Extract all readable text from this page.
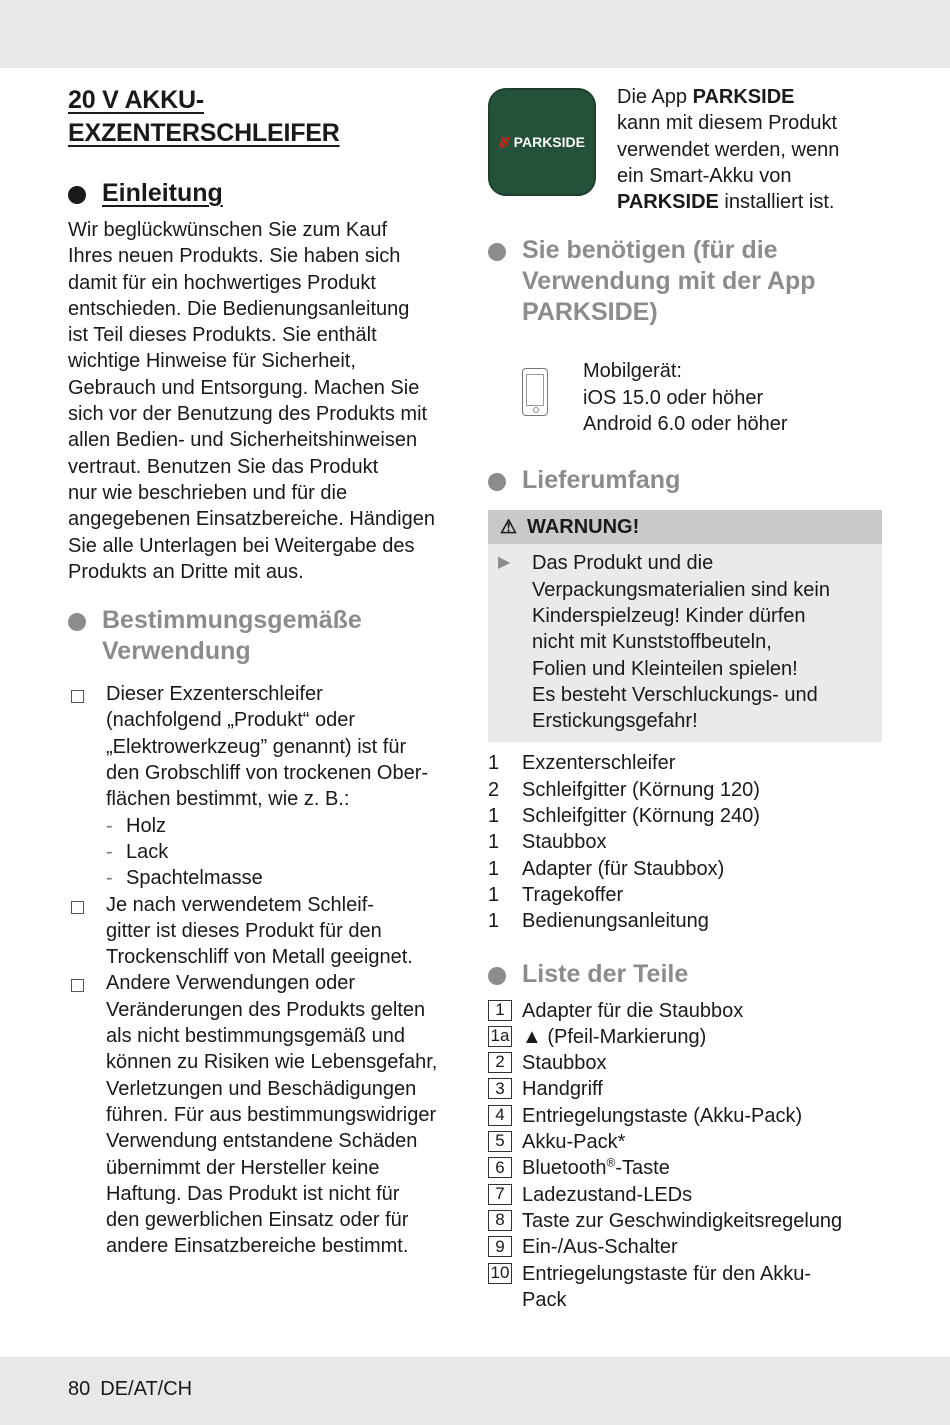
20 V AKKU-
EXZENTERSCHLEIFER
Einleitung

Wir beglückwünschen Sie zum Kauf
Ihres neuen Produkts. Sie haben sich
damit für ein hochwertiges Produkt
entschieden. Die Bedienungsanleitung
ist Teil dieses Produkts. Sie enthält
wichtige Hinweise für Sicherheit,
Gebrauch und Entsorgung. Machen Sie
sich vor der Benutzung des Produkts mit
allen Bedien- und Sicherheitshinweisen
vertraut. Benutzen Sie das Produkt
nur wie beschrieben und für die
angegebenen Einsatzbereiche. Händigen
Sie alle Unterlagen bei Weitergabe des
Produkts an Dritte mit aus.

Bestimmungsgemäße
Verwendung
Dieser Exzenterschleifer
(nachfolgend „Produkt“ oder
„Elektrowerkzeug” genannt) ist für
den Grobschliff von trockenen Ober-
flächen bestimmt, wie z. B.:
- Holz
- Lack
- Spachtelmasse
Je nach verwendetem Schleif-
gitter ist dieses Produkt für den
Trockenschliff von Metall geeignet.
Andere Verwendungen oder
Veränderungen des Produkts gelten
als nicht bestimmungsgemäß und
können zu Risiken wie Lebensgefahr,
Verletzungen und Beschädigungen
führen. Für aus bestimmungswidriger
Verwendung entstandene Schäden
übernimmt der Hersteller keine
Haftung. Das Produkt ist nicht für
den gewerblichen Einsatz oder für
andere Einsatzbereiche bestimmt.
/// PARKSIDE
Die App PARKSIDE
kann mit diesem Produkt
verwendet werden, wenn
ein Smart-Akku von
PARKSIDE installiert ist.
Sie benötigen (für die
Verwendung mit der App
PARKSIDE)
Mobilgerät:
iOS 15.0 oder höher
Android 6.0 oder höher
Lieferumfang
⚠ WARNUNG!
▶	Das Produkt und die
Verpackungsmaterialien sind kein
Kinderspielzeug! Kinder dürfen
nicht mit Kunststoffbeuteln,
Folien und Kleinteilen spielen!
Es besteht Verschluckungs- und
Erstickungsgefahr!
1	Exzenterschleifer
2	Schleifgitter (Körnung 120)
1	Schleifgitter (Körnung 240)
1	Staubbox
1	Adapter (für Staubbox)
1	Tragekoffer
1	Bedienungsanleitung
Liste der Teile
1 Adapter für die Staubbox
1a ▲ (Pfeil-Markierung)
2 Staubbox
3 Handgriff
4 Entriegelungstaste (Akku-Pack)
5 Akku-Pack*
6 Bluetooth®-Taste
7 Ladezustand-LEDs
8 Taste zur Geschwindigkeitsregelung
9 Ein-/Aus-Schalter
10 Entriegelungstaste für den Akku-
Pack
80 DE/AT/CH
